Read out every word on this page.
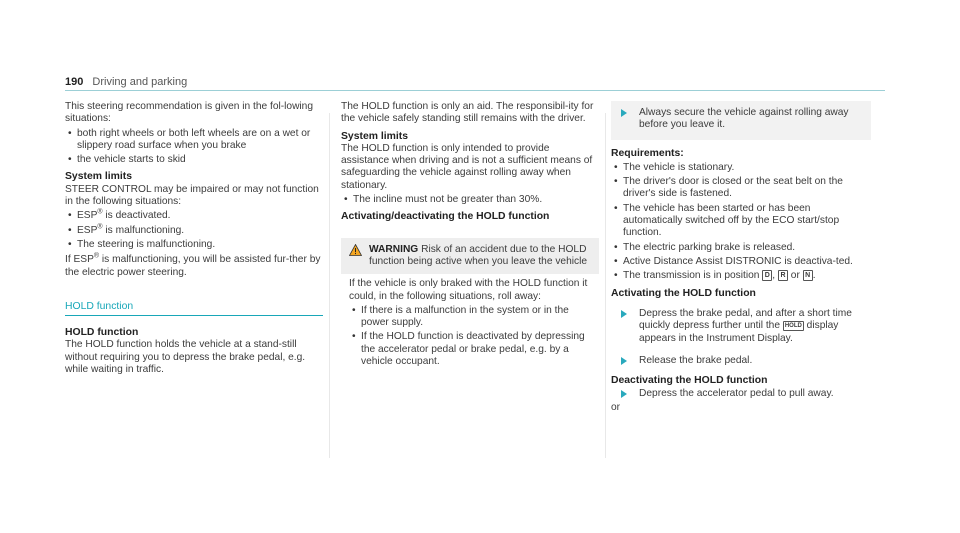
190 Driving and parking

This steering recommendation is given in the fol-lowing situations:

• both right wheels or both left wheels are on a wet or slippery road surface when you brake
• the vehicle starts to skid
System limits

STEER CONTROL may be impaired or may not function in the following situations:

• ESP® is deactivated.
• ESP® is malfunctioning.
• The steering is malfunctioning.

If ESP® is malfunctioning, you will be assisted fur-ther by the electric power steering.

HOLD function
HOLD function

The HOLD function holds the vehicle at a stand-still without requiring you to depress the brake pedal, e.g. while waiting in traffic.

The HOLD function is only an aid. The responsibil-ity for the vehicle safely standing still remains with the driver.

System limits

The HOLD function is only intended to provide assistance when driving and is not a sufficient means of safeguarding the vehicle against rolling away when stationary.

• The incline must not be greater than 30%.
Activating/deactivating the HOLD function
WARNING Risk of an accident due to the HOLD function being active when you leave the vehicle

If the vehicle is only braked with the HOLD function it could, in the following situations, roll away:

• If there is a malfunction in the system or in the power supply.
• If the HOLD function is deactivated by depressing the accelerator pedal or brake pedal, e.g. by a vehicle occupant.
Always secure the vehicle against rolling away before you leave it.
Requirements:
• The vehicle is stationary.
• The driver's door is closed or the seat belt on the driver's side is fastened.
• The vehicle has been started or has been automatically switched off by the ECO start/stop function.
• The electric parking brake is released.
• Active Distance Assist DISTRONIC is deactiva-ted.
• The transmission is in position D , R or N .
Activating the HOLD function
Depress the brake pedal, and after a short time quickly depress further until the HOLD display appears in the Instrument Display.
Release the brake pedal.
Deactivating the HOLD function
Depress the accelerator pedal to pull away.

or
